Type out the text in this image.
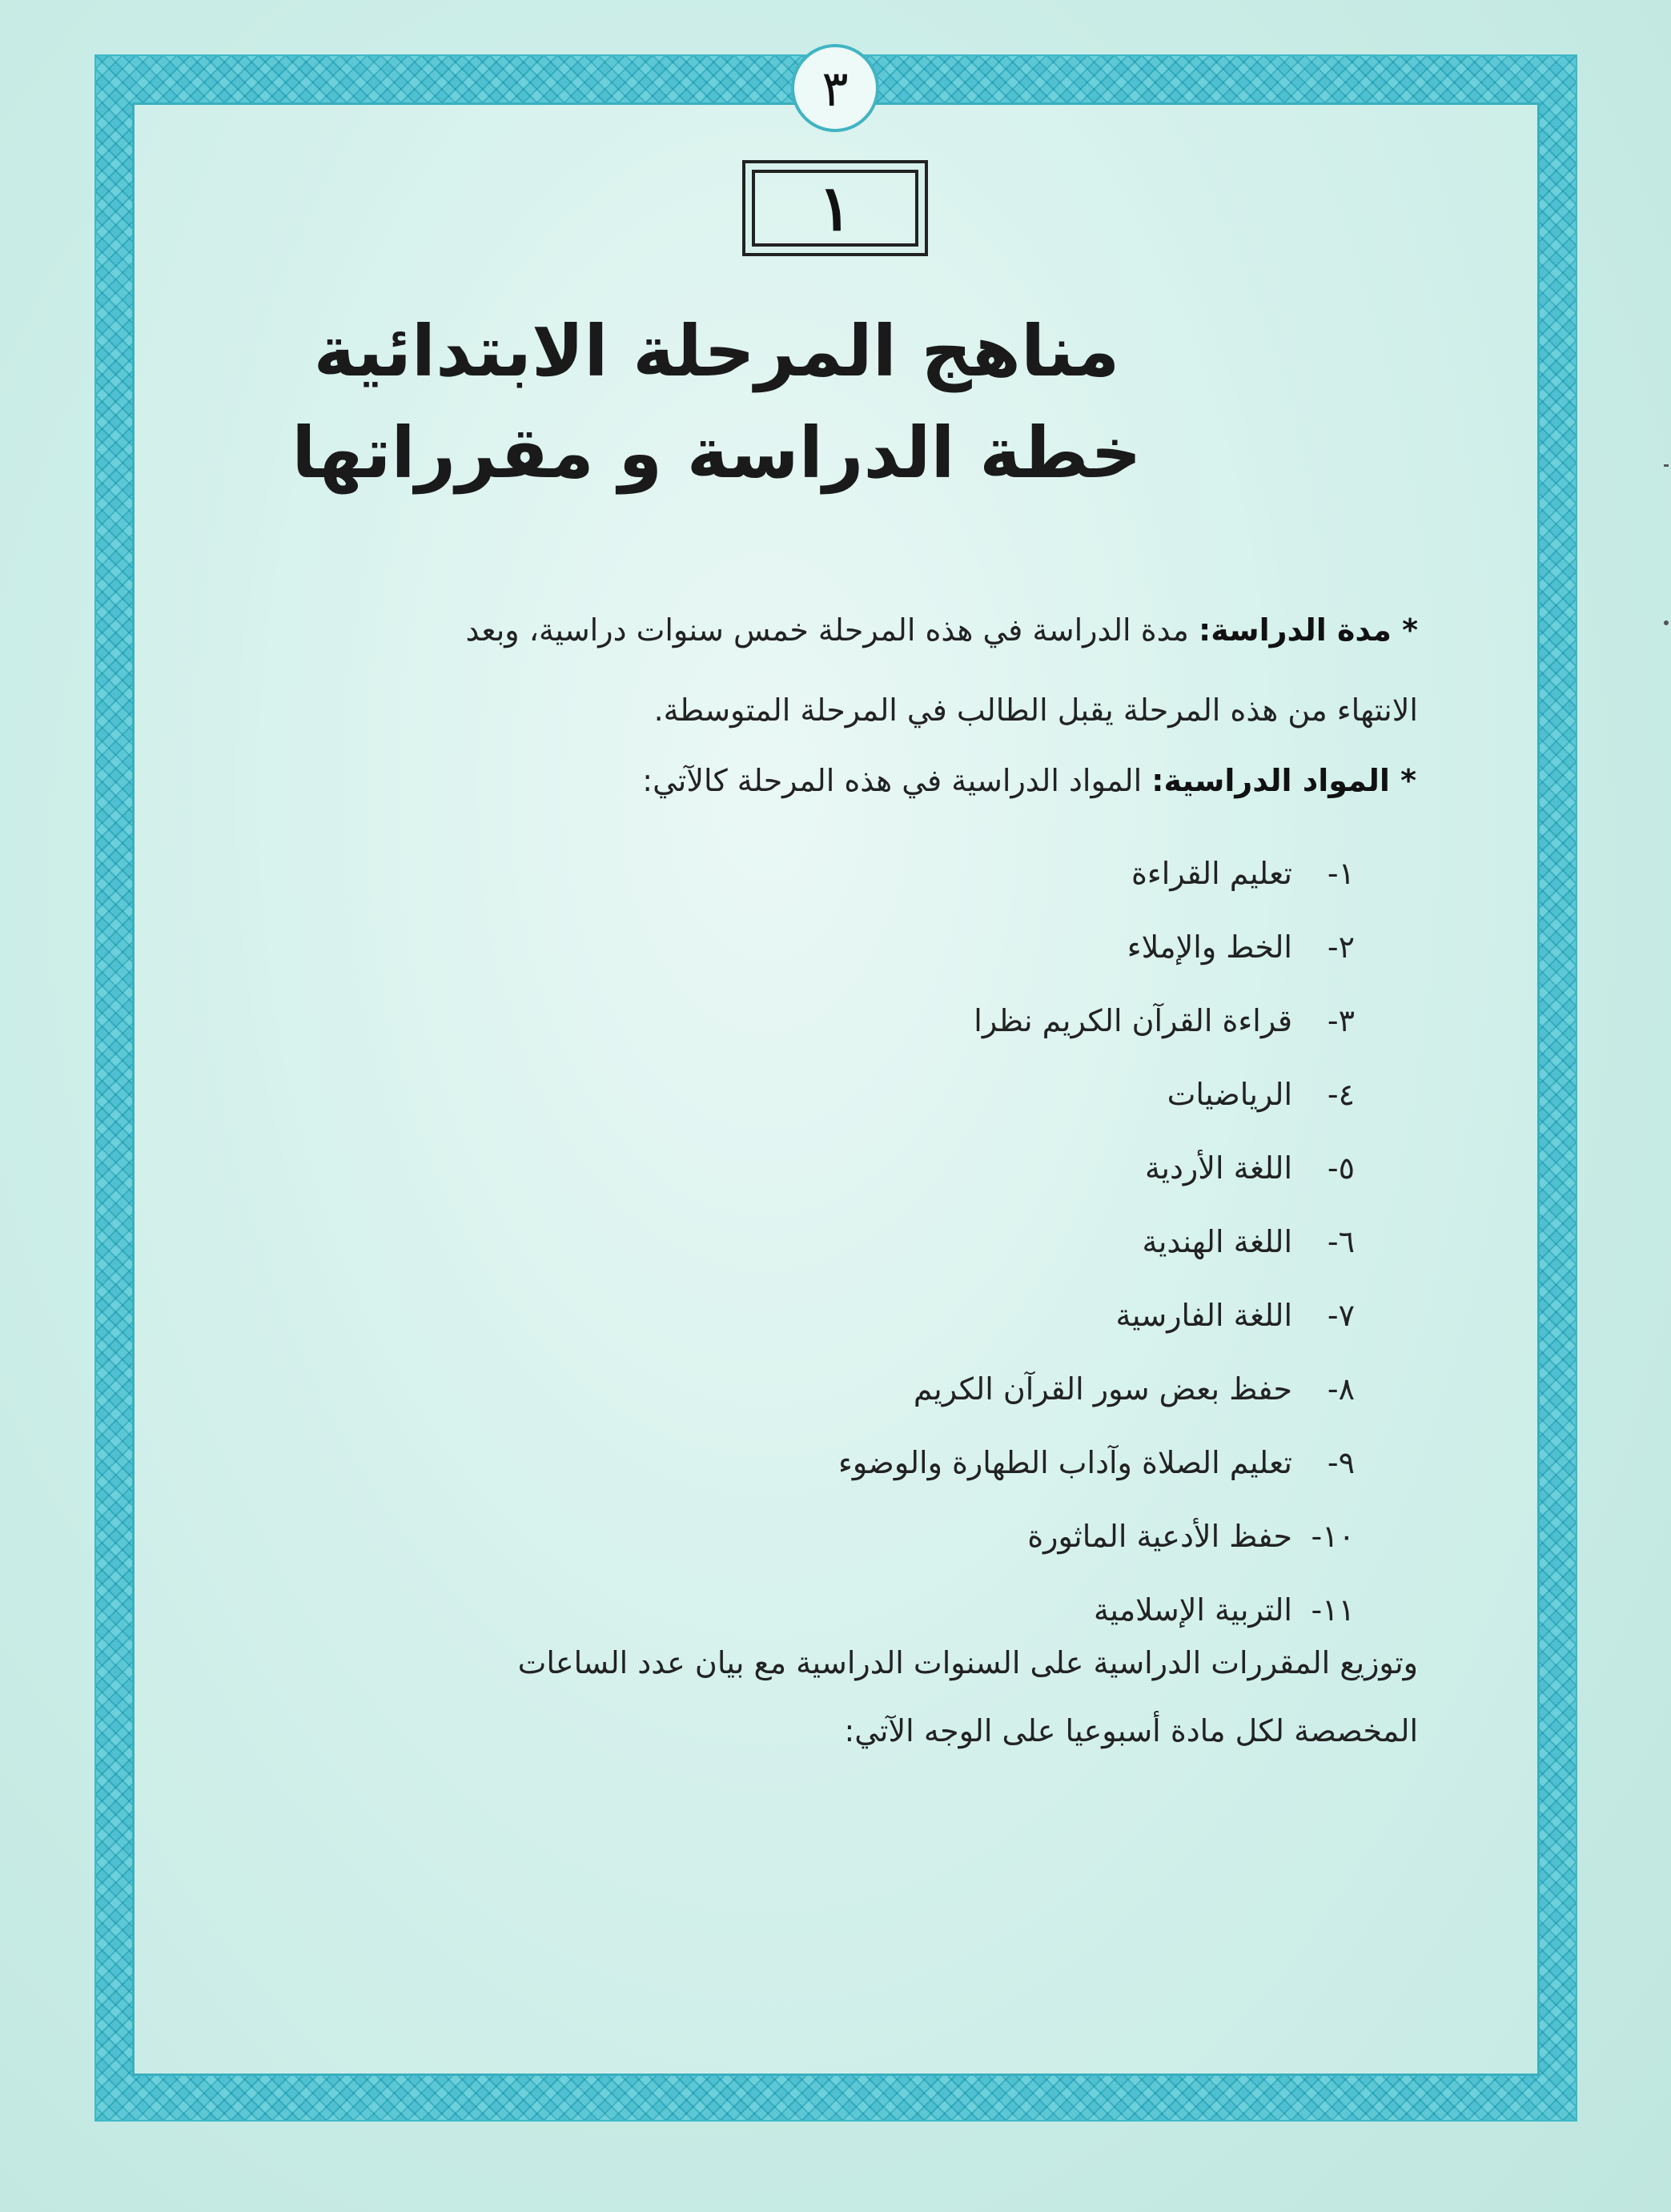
٣
١
مناهج المرحلة الابتدائية
خطة الدراسة و مقرراتها
* مدة الدراسة: مدة الدراسة في هذه المرحلة خمس سنوات دراسية، وبعد
الانتهاء من هذه المرحلة يقبل الطالب في المرحلة المتوسطة.
* المواد الدراسية: المواد الدراسية في هذه المرحلة كالآتي:
١-تعليم القراءة
٢-الخط والإملاء
٣-قراءة القرآن الكريم نظرا
٤-الرياضيات
٥-اللغة الأردية
٦-اللغة الهندية
٧-اللغة الفارسية
٨-حفظ بعض سور القرآن الكريم
٩-تعليم الصلاة وآداب الطهارة والوضوء
١٠-حفظ الأدعية الماثورة
١١-التربية الإسلامية
وتوزيع المقررات الدراسية على السنوات الدراسية مع بيان عدد الساعات
المخصصة لكل مادة أسبوعيا على الوجه الآتي:
